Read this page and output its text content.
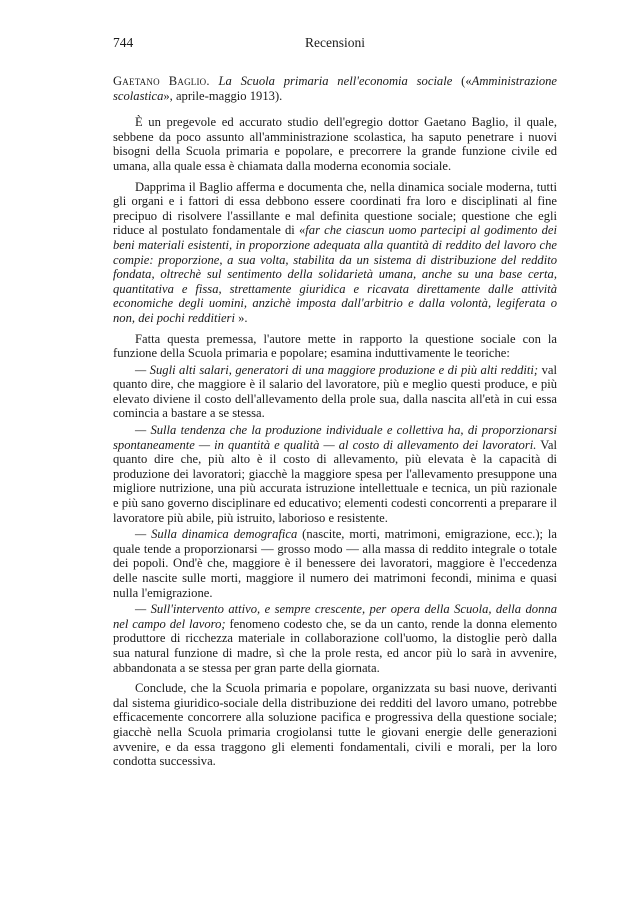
744	Recensioni
Gaetano Baglio. La Scuola primaria nell'economia sociale («Amministrazione scolastica», aprile-maggio 1913).

È un pregevole ed accurato studio dell'egregio dottor Gaetano Baglio, il quale, sebbene da poco assunto all'amministrazione scolastica, ha saputo penetrare i nuovi bisogni della Scuola primaria e popolare, e precorrere la grande funzione civile ed umana, alla quale essa è chiamata dalla moderna economia sociale.

Dapprima il Baglio afferma e documenta che, nella dinamica sociale moderna, tutti gli organi e i fattori di essa debbono essere coordinati fra loro e disciplinati al fine precipuo di risolvere l'assillante e mal definita questione sociale; questione che egli riduce al postulato fondamentale di «far che ciascun uomo partecipi al godimento dei beni materiali esistenti, in proporzione adequata alla quantità di reddito del lavoro che compie: proporzione, a sua volta, stabilita da un sistema di distribuzione del reddito fondata, oltrechè sul sentimento della solidarietà umana, anche su una base certa, quantitativa e fissa, strettamente giuridica e ricavata direttamente dalle attività economiche degli uomini, anzichè imposta dall'arbitrio e dalla volontà, legiferata o non, dei pochi redditieri ».

Fatta questa premessa, l'autore mette in rapporto la questione sociale con la funzione della Scuola primaria e popolare; esamina induttivamente le teoriche:

— Sugli alti salari, generatori di una maggiore produzione e di più alti redditi; val quanto dire, che maggiore è il salario del lavoratore, più e meglio questi produce, e più elevato diviene il costo dell'allevamento della prole sua, dalla nascita all'età in cui essa comincia a bastare a se stessa.
— Sulla tendenza che la produzione individuale e collettiva ha, di proporzionarsi spontaneamente — in quantità e qualità — al costo di allevamento dei lavoratori. Val quanto dire che, più alto è il costo di allevamento, più elevata è la capacità di produzione dei lavoratori; giacchè la maggiore spesa per l'allevamento presuppone una migliore nutrizione, una più accurata istruzione intellettuale e tecnica, un più razionale e più sano governo disciplinare ed educativo; elementi codesti concorrenti a preparare il lavoratore più abile, più istruito, laborioso e resistente.
— Sulla dinamica demografica (nascite, morti, matrimoni, emigrazione, ecc.); la quale tende a proporzionarsi — grosso modo — alla massa di reddito integrale o totale dei popoli. Ond'è che, maggiore è il benessere dei lavoratori, maggiore è l'eccedenza delle nascite sulle morti, maggiore il numero dei matrimoni fecondi, minima e quasi nulla l'emigrazione.
— Sull'intervento attivo, e sempre crescente, per opera della Scuola, della donna nel campo del lavoro; fenomeno codesto che, se da un canto, rende la donna elemento produttore di ricchezza materiale in collaborazione coll'uomo, la distoglie però dalla sua natural funzione di madre, sì che la prole resta, ed ancor più lo sarà in avvenire, abbandonata a se stessa per gran parte della giornata.

Conclude, che la Scuola primaria e popolare, organizzata su basi nuove, derivanti dal sistema giuridico-sociale della distribuzione dei redditi del lavoro umano, potrebbe efficacemente concorrere alla soluzione pacifica e progressiva della questione sociale; giacchè nella Scuola primaria crogiolansi tutte le giovani energie delle generazioni avvenire, e da essa traggono gli elementi fondamentali, civili e morali, per la loro condotta successiva.
